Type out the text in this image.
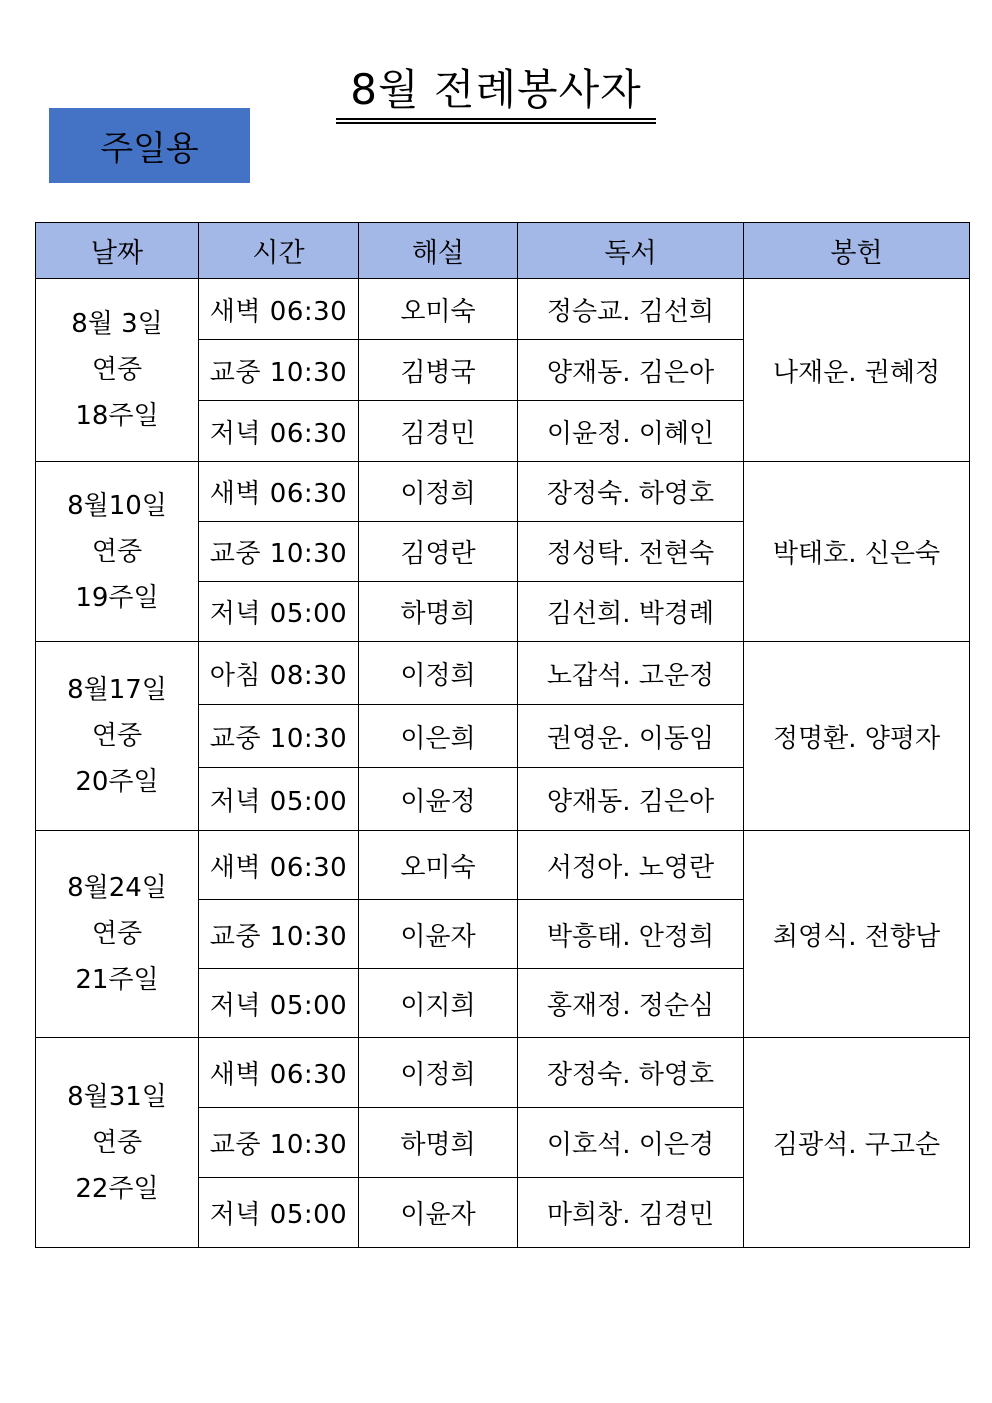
8월 전례봉사자
주일용
날짜	시간	해설	독서	봉헌

8월 3일
연중
18주일	새벽 06:30	오미숙	정승교. 김선희	나재운. 권혜정
	교중 10:30	김병국	양재동. 김은아	
	저녁 06:30	김경민	이윤정. 이혜인	

8월10일
연중
19주일	새벽 06:30	이정희	장정숙. 하영호	박태호. 신은숙
	교중 10:30	김영란	정성탁. 전현숙	
	저녁 05:00	하명희	김선희. 박경례	

8월17일
연중
20주일	아침 08:30	이정희	노갑석. 고운정	정명환. 양평자
	교중 10:30	이은희	권영운. 이동임	
	저녁 05:00	이윤정	양재동. 김은아	

8월24일
연중
21주일	새벽 06:30	오미숙	서정아. 노영란	최영식. 전향남
	교중 10:30	이윤자	박흥태. 안정희	
	저녁 05:00	이지희	홍재정. 정순심	

8월31일
연중
22주일	새벽 06:30	이정희	장정숙. 하영호	김광석. 구고순
	교중 10:30	하명희	이호석. 이은경	
	저녁 05:00	이윤자	마희창. 김경민	
